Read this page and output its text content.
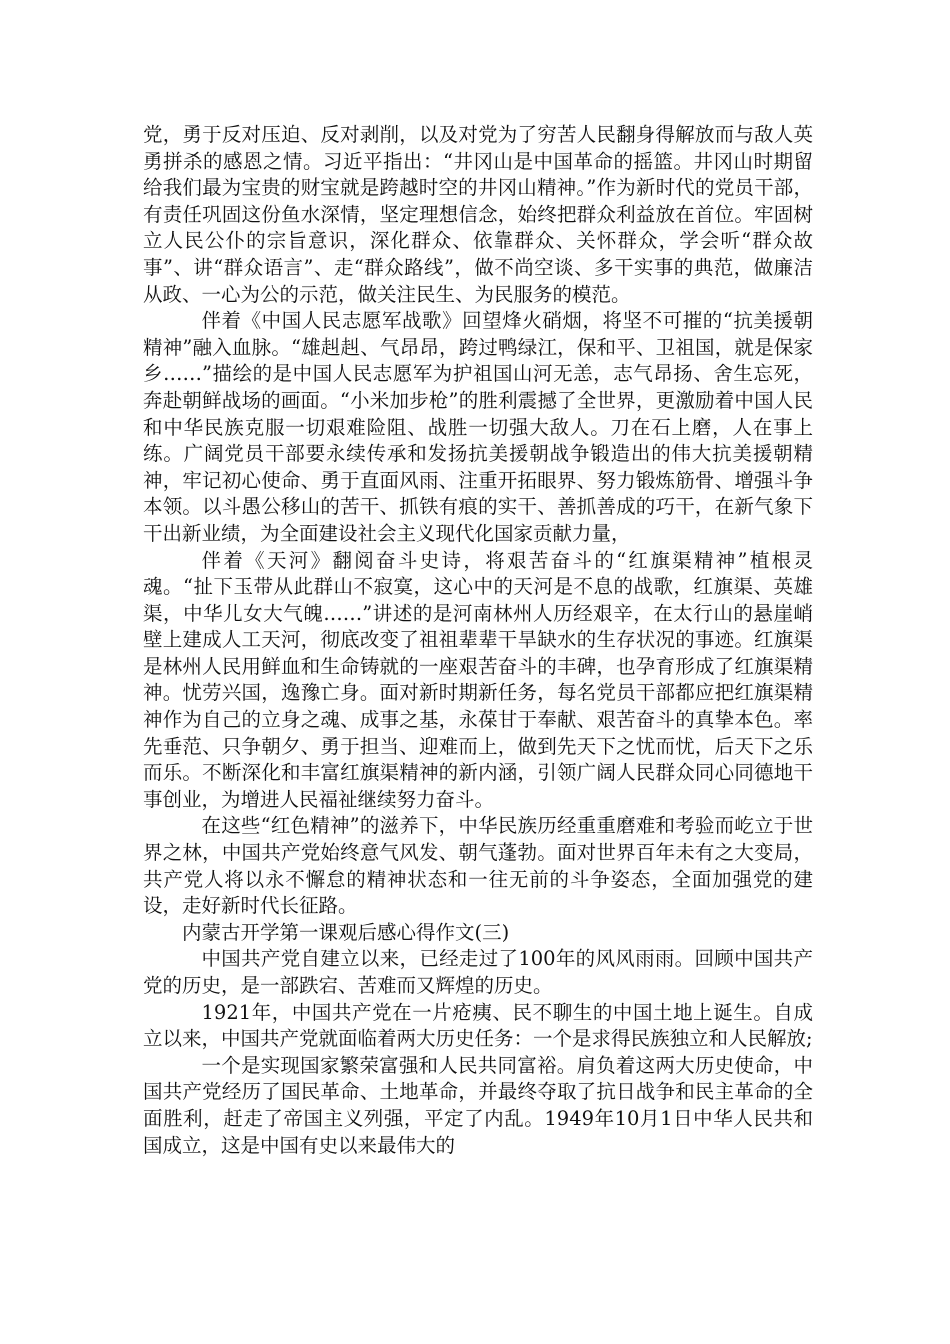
党，勇于反对压迫、反对剥削，以及对党为了穷苦人民翻身得解放而与敌人英勇拼杀的感恩之情。习近平指出：“井冈山是中国革命的摇篮。井冈山时期留给我们最为宝贵的财宝就是跨越时空的井冈山精神。”作为新时代的党员干部，有责任巩固这份鱼水深情，坚定理想信念，始终把群众利益放在首位。牢固树立人民公仆的宗旨意识，深化群众、依靠群众、关怀群众，学会听“群众故事”、讲“群众语言”、走“群众路线”，做不尚空谈、多干实事的典范，做廉洁从政、一心为公的示范，做关注民生、为民服务的模范。

伴着《中国人民志愿军战歌》回望烽火硝烟，将坚不可摧的“抗美援朝精神”融入血脉。“雄赳赳、气昂昂，跨过鸭绿江，保和平、卫祖国，就是保家乡……”描绘的是中国人民志愿军为护祖国山河无恙，志气昂扬、舍生忘死，奔赴朝鲜战场的画面。“小米加步枪”的胜利震撼了全世界，更激励着中国人民和中华民族克服一切艰难险阻、战胜一切强大敌人。刀在石上磨，人在事上练。广阔党员干部要永续传承和发扬抗美援朝战争锻造出的伟大抗美援朝精神，牢记初心使命、勇于直面风雨、注重开拓眼界、努力锻炼筋骨、增强斗争本领。以斗愚公移山的苦干、抓铁有痕的实干、善抓善成的巧干，在新气象下干出新业绩，为全面建设社会主义现代化国家贡献力量，

伴着《天河》翻阅奋斗史诗，将艰苦奋斗的“红旗渠精神”植根灵魂。“扯下玉带从此群山不寂寞，这心中的天河是不息的战歌，红旗渠、英雄渠，中华儿女大气魄……”讲述的是河南林州人历经艰辛，在太行山的悬崖峭壁上建成人工天河，彻底改变了祖祖辈辈干旱缺水的生存状况的事迹。红旗渠是林州人民用鲜血和生命铸就的一座艰苦奋斗的丰碑，也孕育形成了红旗渠精神。忧劳兴国，逸豫亡身。面对新时期新任务，每名党员干部都应把红旗渠精神作为自己的立身之魂、成事之基，永葆甘于奉献、艰苦奋斗的真挚本色。率先垂范、只争朝夕、勇于担当、迎难而上，做到先天下之忧而忧，后天下之乐而乐。不断深化和丰富红旗渠精神的新内涵，引领广阔人民群众同心同德地干事创业，为增进人民福祉继续努力奋斗。

在这些“红色精神”的滋养下，中华民族历经重重磨难和考验而屹立于世界之林，中国共产党始终意气风发、朝气蓬勃。面对世界百年未有之大变局，共产党人将以永不懈怠的精神状态和一往无前的斗争姿态，全面加强党的建设，走好新时代长征路。

内蒙古开学第一课观后感心得作文(三)

中国共产党自建立以来，已经走过了100年的风风雨雨。回顾中国共产党的历史，是一部跌宕、苦难而又辉煌的历史。

1921年，中国共产党在一片疮痍、民不聊生的中国土地上诞生。自成立以来，中国共产党就面临着两大历史任务：一个是求得民族独立和人民解放;

一个是实现国家繁荣富强和人民共同富裕。肩负着这两大历史使命，中国共产党经历了国民革命、土地革命，并最终夺取了抗日战争和民主革命的全面胜利，赶走了帝国主义列强，平定了内乱。1949年10月1日中华人民共和国成立，这是中国有史以来最伟大的
